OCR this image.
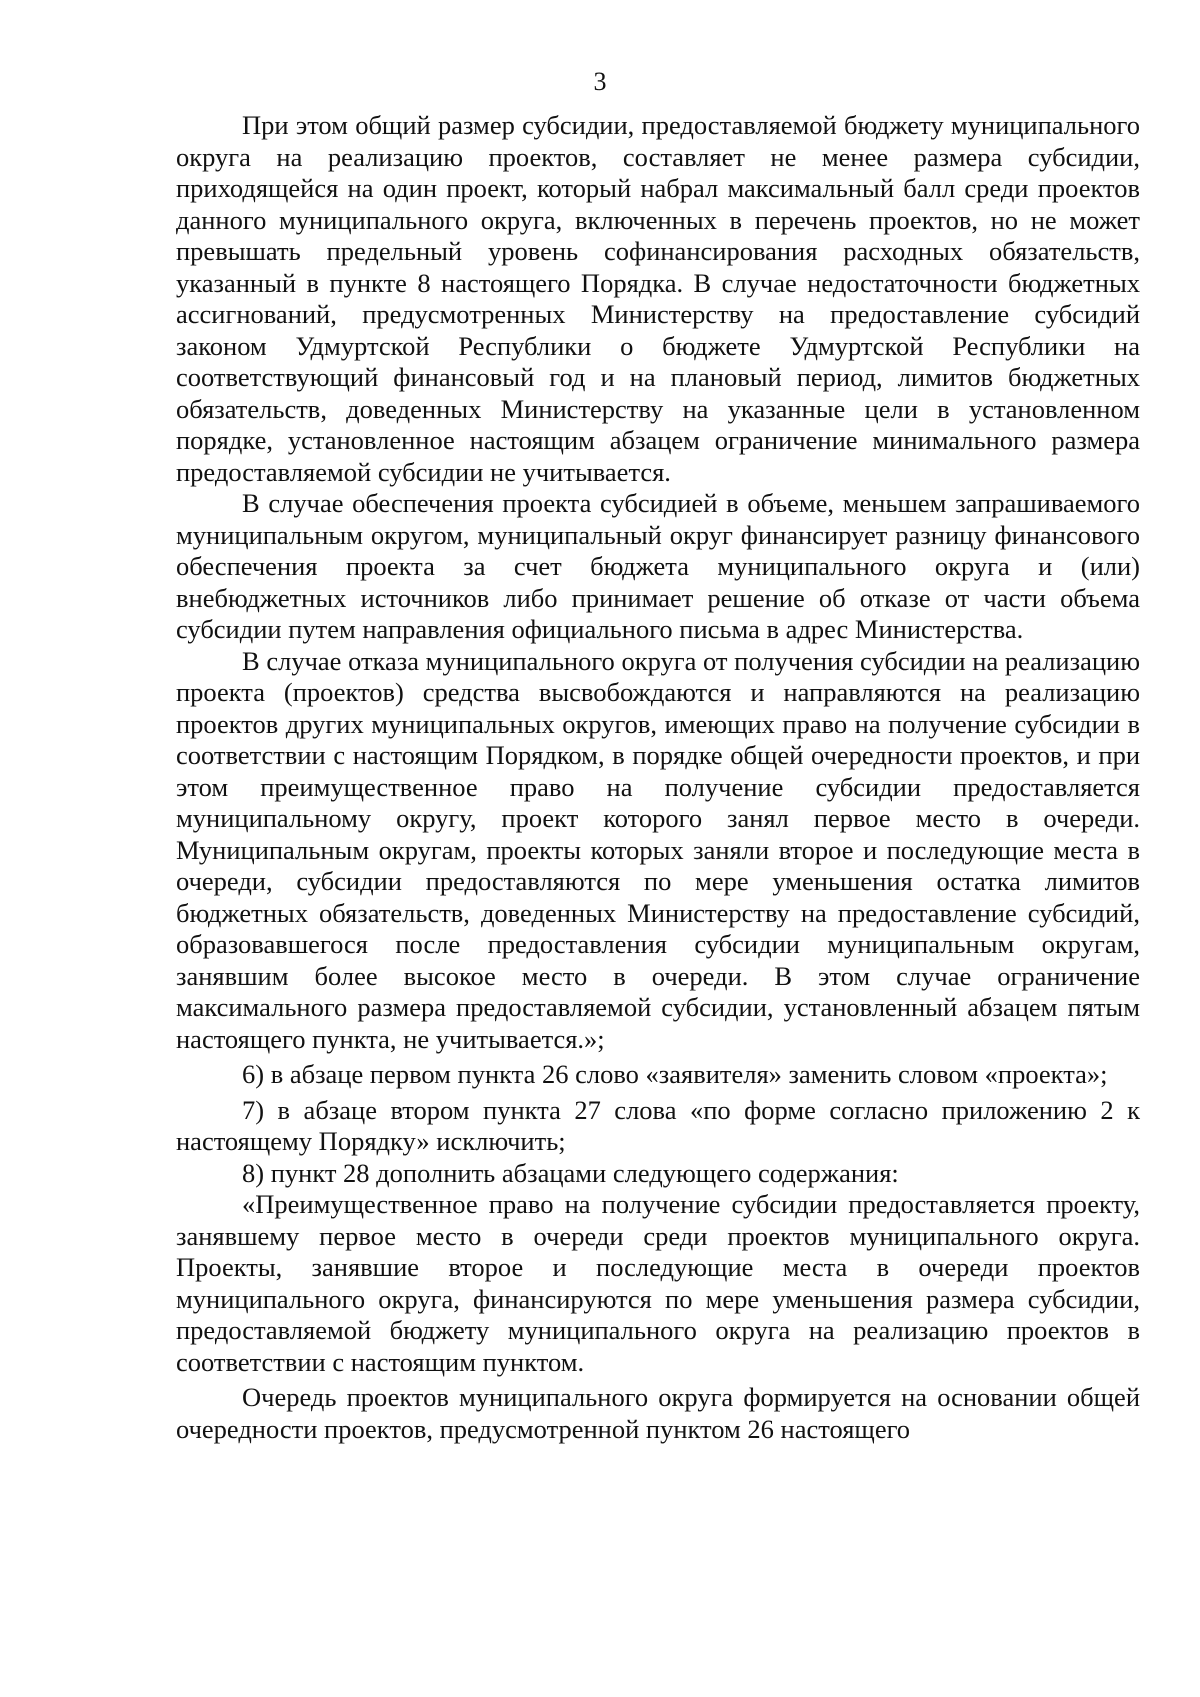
3

При этом общий размер субсидии, предоставляемой бюджету муниципального округа на реализацию проектов, составляет не менее размера субсидии, приходящейся на один проект, который набрал максимальный балл среди проектов данного муниципального округа, включенных в перечень проектов, но не может превышать предельный уровень софинансирования расходных обязательств, указанный в пункте 8 настоящего Порядка. В случае недостаточности бюджетных ассигнований, предусмотренных Министерству на предоставление субсидий законом Удмуртской Республики о бюджете Удмуртской Республики на соответствующий финансовый год и на плановый период, лимитов бюджетных обязательств, доведенных Министерству на указанные цели в установленном порядке, установленное настоящим абзацем ограничение минимального размера предоставляемой субсидии не учитывается.

В случае обеспечения проекта субсидией в объеме, меньшем запрашиваемого муниципальным округом, муниципальный округ финансирует разницу финансового обеспечения проекта за счет бюджета муниципального округа и (или) внебюджетных источников либо принимает решение об отказе от части объема субсидии путем направления официального письма в адрес Министерства.

В случае отказа муниципального округа от получения субсидии на реализацию проекта (проектов) средства высвобождаются и направляются на реализацию проектов других муниципальных округов, имеющих право на получение субсидии в соответствии с настоящим Порядком, в порядке общей очередности проектов, и при этом преимущественное право на получение субсидии предоставляется муниципальному округу, проект которого занял первое место в очереди. Муниципальным округам, проекты которых заняли второе и последующие места в очереди, субсидии предоставляются по мере уменьшения остатка лимитов бюджетных обязательств, доведенных Министерству на предоставление субсидий, образовавшегося после предоставления субсидии муниципальным округам, занявшим более высокое место в очереди. В этом случае ограничение максимального размера предоставляемой субсидии, установленный абзацем пятым настоящего пункта, не учитывается.»;

6) в абзаце первом пункта 26 слово «заявителя» заменить словом «проекта»;

7) в абзаце втором пункта 27 слова «по форме согласно приложению 2 к настоящему Порядку» исключить;

8) пункт 28 дополнить абзацами следующего содержания:

«Преимущественное право на получение субсидии предоставляется проекту, занявшему первое место в очереди среди проектов муниципального округа. Проекты, занявшие второе и последующие места в очереди проектов муниципального округа, финансируются по мере уменьшения размера субсидии, предоставляемой бюджету муниципального округа на реализацию проектов в соответствии с настоящим пунктом.

Очередь проектов муниципального округа формируется на основании общей очередности проектов, предусмотренной пунктом 26 настоящего
